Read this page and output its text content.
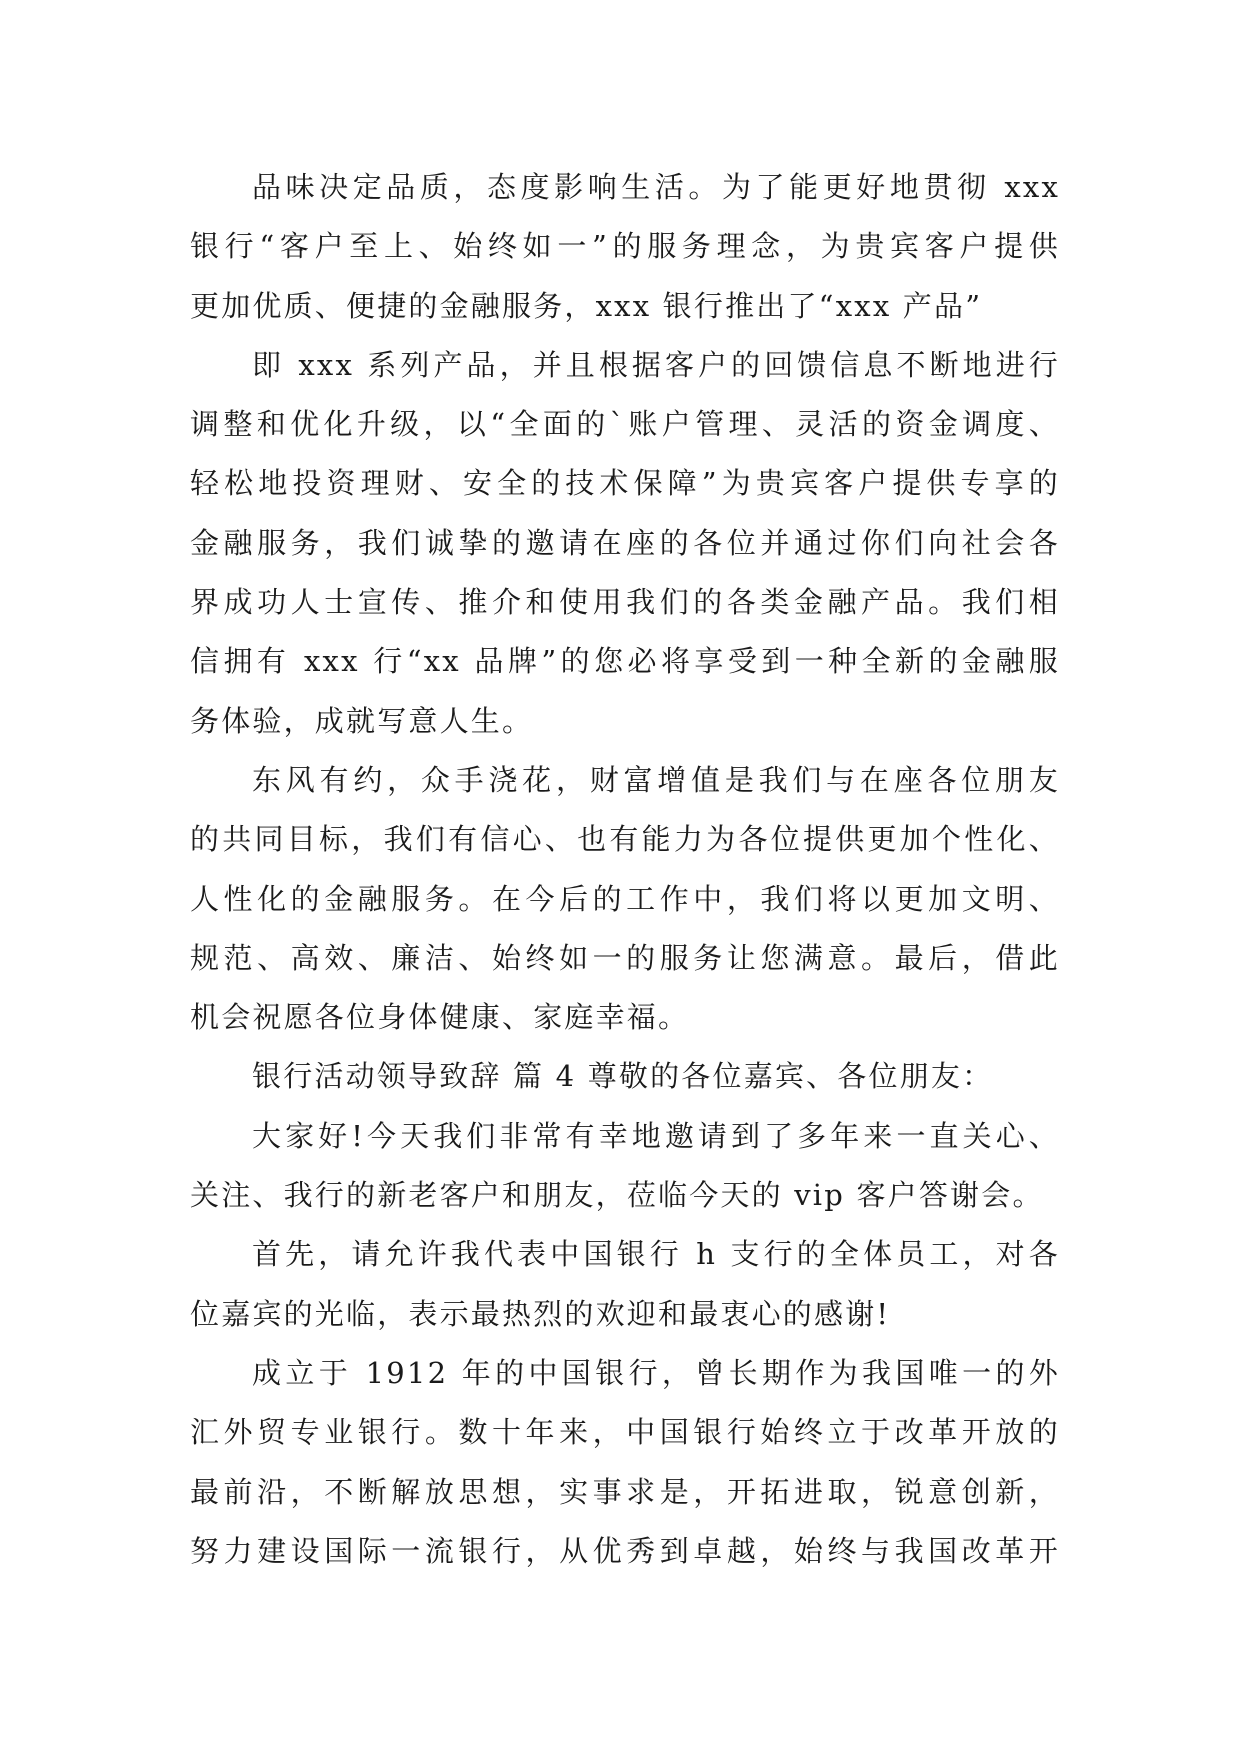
品味决定品质，态度影响生活。为了能更好地贯彻 xxx
银行“客户至上、始终如一”的服务理念，为贵宾客户提供
更加优质、便捷的金融服务，xxx 银行推出了“xxx 产品”
即 xxx 系列产品，并且根据客户的回馈信息不断地进行
调整和优化升级，以“全面的`账户管理、灵活的资金调度、
轻松地投资理财、安全的技术保障”为贵宾客户提供专享的
金融服务，我们诚挚的邀请在座的各位并通过你们向社会各
界成功人士宣传、推介和使用我们的各类金融产品。我们相
信拥有 xxx 行“xx 品牌”的您必将享受到一种全新的金融服
务体验，成就写意人生。
东风有约，众手浇花，财富增值是我们与在座各位朋友
的共同目标，我们有信心、也有能力为各位提供更加个性化、
人性化的金融服务。在今后的工作中，我们将以更加文明、
规范、高效、廉洁、始终如一的服务让您满意。最后，借此
机会祝愿各位身体健康、家庭幸福。
银行活动领导致辞 篇 4 尊敬的各位嘉宾、各位朋友：
大家好!今天我们非常有幸地邀请到了多年来一直关心、
关注、我行的新老客户和朋友，莅临今天的 vip 客户答谢会。
首先，请允许我代表中国银行 h 支行的全体员工，对各
位嘉宾的光临，表示最热烈的欢迎和最衷心的感谢!
成立于 1912 年的中国银行，曾长期作为我国唯一的外
汇外贸专业银行。数十年来，中国银行始终立于改革开放的
最前沿，不断解放思想，实事求是，开拓进取，锐意创新，
努力建设国际一流银行，从优秀到卓越，始终与我国改革开
